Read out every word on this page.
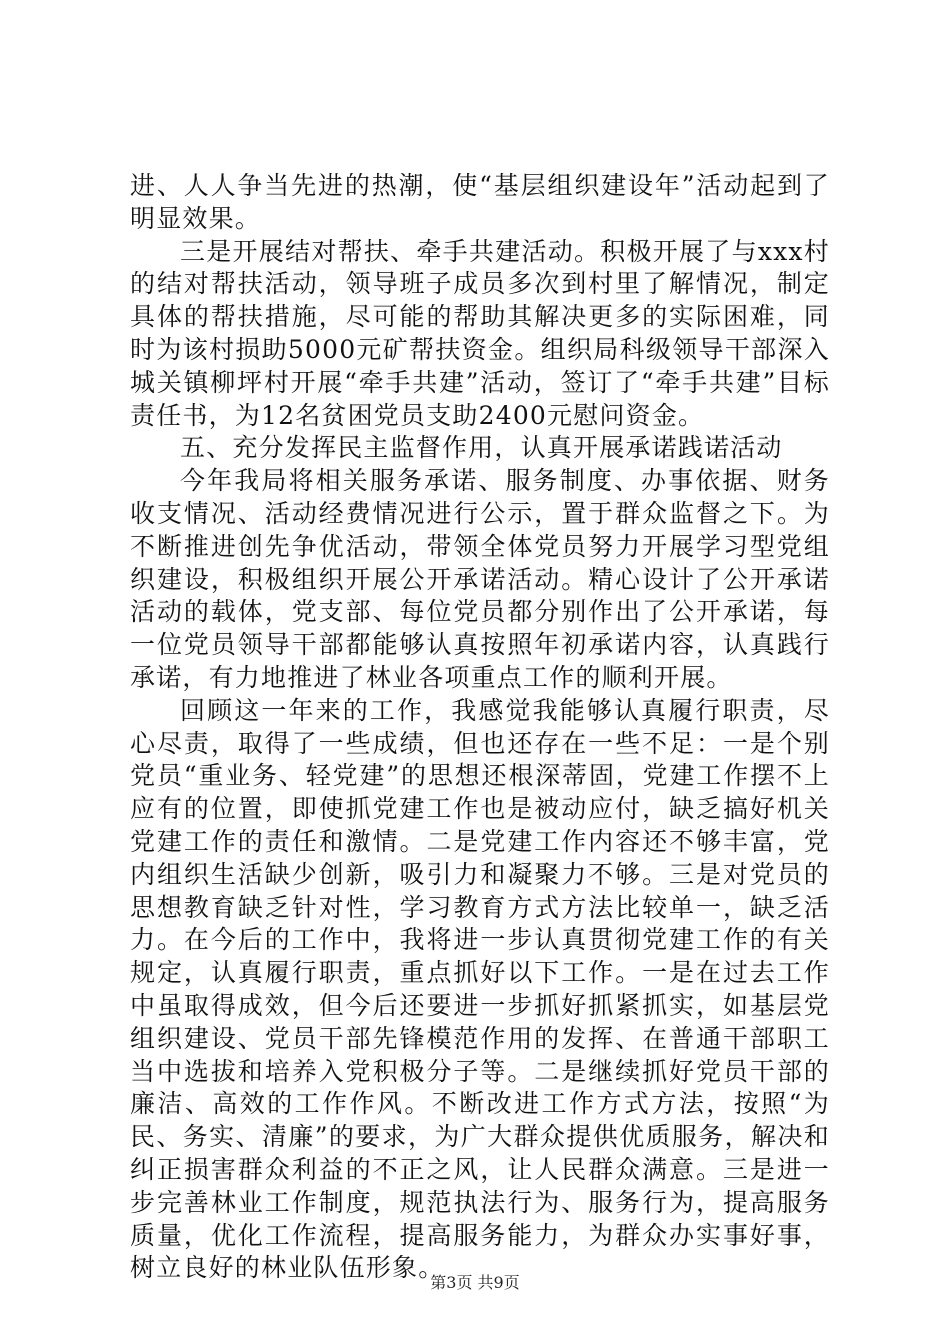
进、人人争当先进的热潮，使“基层组织建设年”活动起到了明显效果。

三是开展结对帮扶、牵手共建活动。积极开展了与xxx村的结对帮扶活动，领导班子成员多次到村里了解情况，制定具体的帮扶措施，尽可能的帮助其解决更多的实际困难，同时为该村损助5000元矿帮扶资金。组织局科级领导干部深入城关镇柳坪村开展“牵手共建”活动，签订了“牵手共建”目标责任书，为12名贫困党员支助2400元慰问资金。

五、充分发挥民主监督作用，认真开展承诺践诺活动

今年我局将相关服务承诺、服务制度、办事依据、财务收支情况、活动经费情况进行公示，置于群众监督之下。为不断推进创先争优活动，带领全体党员努力开展学习型党组织建设，积极组织开展公开承诺活动。精心设计了公开承诺活动的载体，党支部、每位党员都分别作出了公开承诺，每一位党员领导干部都能够认真按照年初承诺内容，认真践行承诺，有力地推进了林业各项重点工作的顺利开展。

回顾这一年来的工作，我感觉我能够认真履行职责，尽心尽责，取得了一些成绩，但也还存在一些不足：一是个别党员“重业务、轻党建”的思想还根深蒂固，党建工作摆不上应有的位置，即使抓党建工作也是被动应付，缺乏搞好机关党建工作的责任和激情。二是党建工作内容还不够丰富，党内组织生活缺少创新，吸引力和凝聚力不够。三是对党员的思想教育缺乏针对性，学习教育方式方法比较单一，缺乏活力。在今后的工作中，我将进一步认真贯彻党建工作的有关规定，认真履行职责，重点抓好以下工作。一是在过去工作中虽取得成效，但今后还要进一步抓好抓紧抓实，如基层党组织建设、党员干部先锋模范作用的发挥、在普通干部职工当中选拔和培养入党积极分子等。二是继续抓好党员干部的廉洁、高效的工作作风。不断改进工作方式方法，按照“为民、务实、清廉”的要求，为广大群众提供优质服务，解决和纠正损害群众利益的不正之风，让人民群众满意。三是进一步完善林业工作制度，规范执法行为、服务行为，提高服务质量，优化工作流程，提高服务能力，为群众办实事好事，树立良好的林业队伍形象。

第3页 共9页
